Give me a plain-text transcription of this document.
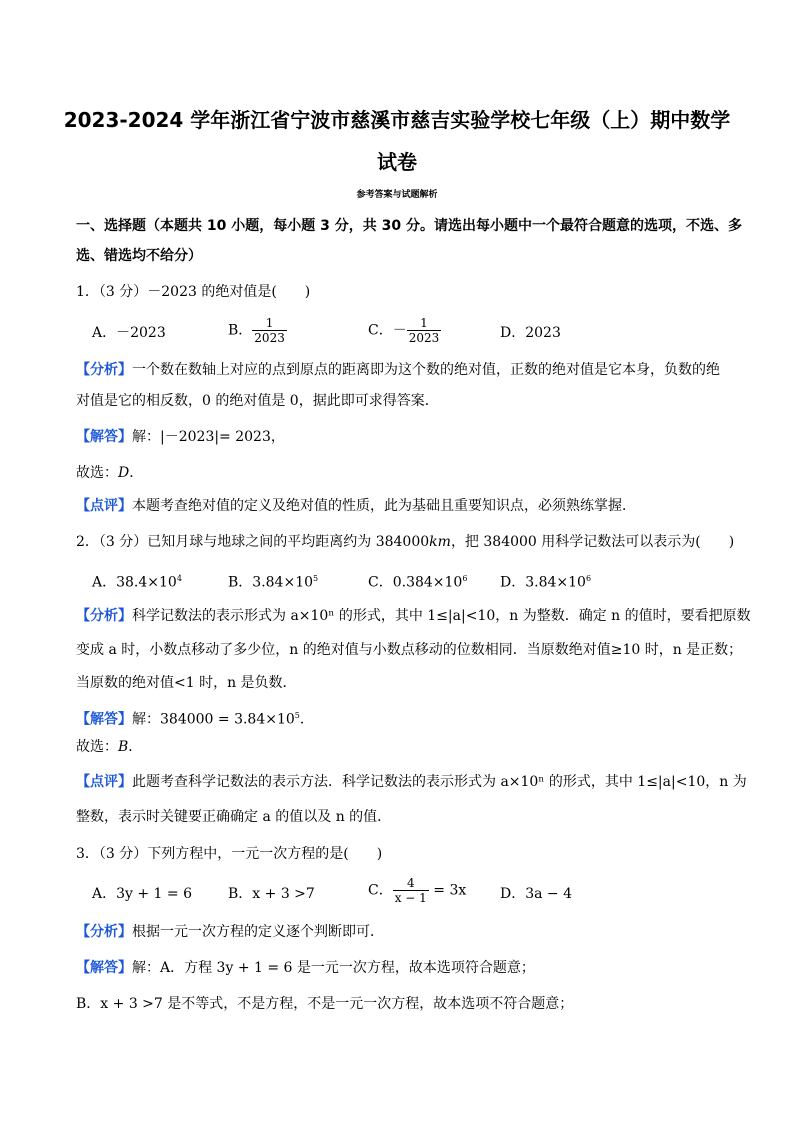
2023-2024 学年浙江省宁波市慈溪市慈吉实验学校七年级（上）期中数学
试卷
参考答案与试题解析
一、选择题（本题共 10 小题，每小题 3 分，共 30 分。请选出每小题中一个最符合题意的选项，不选、多
选、错选均不给分）
1．（3 分）－2023 的绝对值是(　　)
A．－2023	B． $\frac{1}{2023}$	C．－ $\frac{1}{2023}$	D．2023
【分析】一个数在数轴上对应的点到原点的距离即为这个数的绝对值，正数的绝对值是它本身，负数的绝
对值是它的相反数，0 的绝对值是 0，据此即可求得答案．
【解答】解：|－2023|= 2023，
故选：D．
【点评】本题考查绝对值的定义及绝对值的性质，此为基础且重要知识点，必须熟练掌握．
2．（3 分）已知月球与地球之间的平均距离约为 384000km，把 384000 用科学记数法可以表示为(　　)
A．$38.4\times 10^4$	B．$3.84\times 10^5$	C．$0.384\times 10^6$ D．$3.84\times 10^6$
【分析】科学记数法的表示形式为 a×10ⁿ 的形式，其中 1≤|a|<10，n 为整数．确定 n 的值时，要看把原数
变成 a 时，小数点移动了多少位，n 的绝对值与小数点移动的位数相同．当原数绝对值≥10 时，n 是正数；
当原数的绝对值<1 时，n 是负数．
【解答】解：$384000 = 3.84\times 10^5$．
故选：B．
【点评】此题考查科学记数法的表示方法．科学记数法的表示形式为 a×10ⁿ 的形式，其中 1≤|a|<10，n 为
整数，表示时关键要正确确定 a 的值以及 n 的值．
3．（3 分）下列方程中，一元一次方程的是(　　)
A．3y + 1 = 6	B．x + 3 >7	C． $\frac{4}{x - 1} = 3x$ D．3a − 4
【分析】根据一元一次方程的定义逐个判断即可．
【解答】解：A．方程 3y + 1 = 6 是一元一次方程，故本选项符合题意；
B．x + 3 >7 是不等式，不是方程，不是一元一次方程，故本选项不符合题意；
